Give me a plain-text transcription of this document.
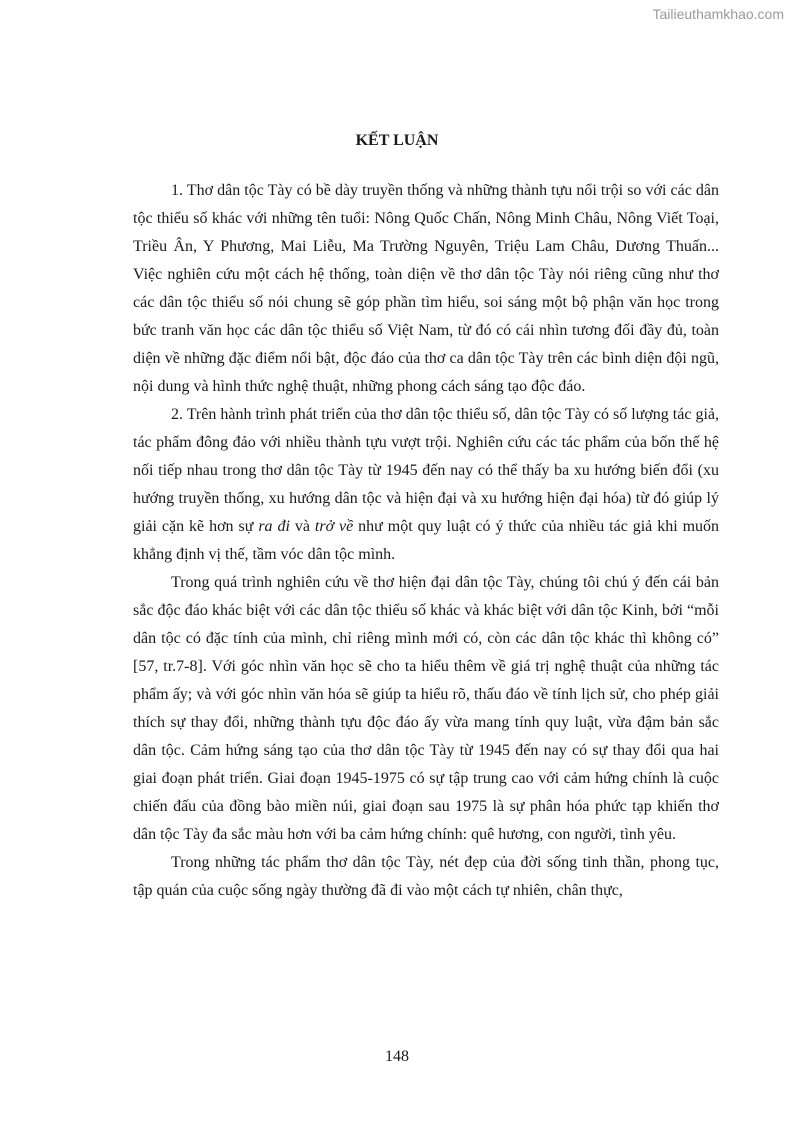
Tailieuthamkhao.com
KẾT LUẬN

1. Thơ dân tộc Tày có bề dày truyền thống và những thành tựu nổi trội so với các dân tộc thiểu số khác với những tên tuổi: Nông Quốc Chấn, Nông Minh Châu, Nông Viết Toại, Triều Ân, Y Phương, Mai Liễu, Ma Trường Nguyên, Triệu Lam Châu, Dương Thuấn... Việc nghiên cứu một cách hệ thống, toàn diện về thơ dân tộc Tày nói riêng cũng như thơ các dân tộc thiểu số nói chung sẽ góp phần tìm hiểu, soi sáng một bộ phận văn học trong bức tranh văn học các dân tộc thiểu số Việt Nam, từ đó có cái nhìn tương đối đầy đủ, toàn diện về những đặc điểm nổi bật, độc đáo của thơ ca dân tộc Tày trên các bình diện đội ngũ, nội dung và hình thức nghệ thuật, những phong cách sáng tạo độc đáo.

2. Trên hành trình phát triển của thơ dân tộc thiểu số, dân tộc Tày có số lượng tác giả, tác phẩm đông đảo với nhiều thành tựu vượt trội. Nghiên cứu các tác phẩm của bốn thế hệ nối tiếp nhau trong thơ dân tộc Tày từ 1945 đến nay có thể thấy ba xu hướng biến đổi (xu hướng truyền thống, xu hướng dân tộc và hiện đại và xu hướng hiện đại hóa) từ đó giúp lý giải cặn kẽ hơn sự ra đi và trở về như một quy luật có ý thức của nhiều tác giả khi muốn khẳng định vị thế, tầm vóc dân tộc mình.

Trong quá trình nghiên cứu về thơ hiện đại dân tộc Tày, chúng tôi chú ý đến cái bản sắc độc đáo khác biệt với các dân tộc thiểu số khác và khác biệt với dân tộc Kinh, bởi “mỗi dân tộc có đặc tính của mình, chỉ riêng mình mới có, còn các dân tộc khác thì không có” [57, tr.7-8]. Với góc nhìn văn học sẽ cho ta hiểu thêm về giá trị nghệ thuật của những tác phẩm ấy; và với góc nhìn văn hóa sẽ giúp ta hiểu rõ, thấu đáo về tính lịch sử, cho phép giải thích sự thay đổi, những thành tựu độc đáo ấy vừa mang tính quy luật, vừa đậm bản sắc dân tộc. Cảm hứng sáng tạo của thơ dân tộc Tày từ 1945 đến nay có sự thay đổi qua hai giai đoạn phát triển. Giai đoạn 1945-1975 có sự tập trung cao với cảm hứng chính là cuộc chiến đấu của đồng bào miền núi, giai đoạn sau 1975 là sự phân hóa phức tạp khiến thơ dân tộc Tày đa sắc màu hơn với ba cảm hứng chính: quê hương, con người, tình yêu.

Trong những tác phẩm thơ dân tộc Tày, nét đẹp của đời sống tinh thần, phong tục, tập quán của cuộc sống ngày thường đã đi vào một cách tự nhiên, chân thực,

148
